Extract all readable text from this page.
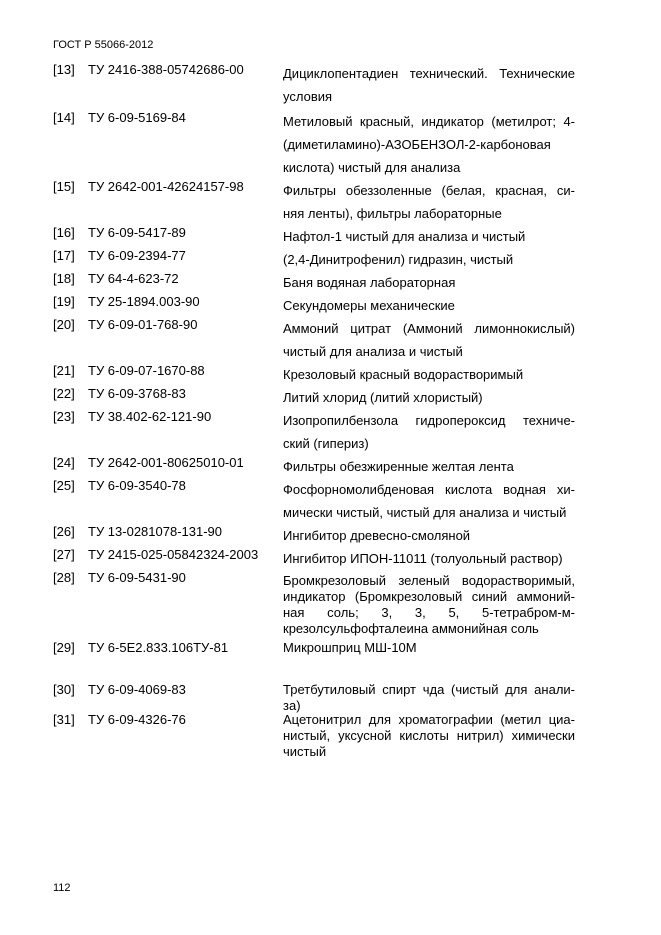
ГОСТ Р 55066-2012
[13] ТУ 2416-388-05742686-00	Дициклопентадиен технический. Технические
условия
[14] ТУ 6-09-5169-84	Метиловый красный, индикатор (метилрот; 4-
(диметиламино)-АЗОБЕНЗОЛ-2-карбоновая
кислота) чистый для анализа
[15] ТУ 2642-001-42624157-98	Фильтры обеззоленные (белая, красная, си-
няя ленты), фильтры лабораторные
[16] ТУ 6-09-5417-89	Нафтол-1 чистый для анализа и чистый
[17] ТУ 6-09-2394-77	(2,4-Динитрофенил) гидразин, чистый
[18] ТУ 64-4-623-72	Баня водяная лабораторная
[19] ТУ 25-1894.003-90	Секундомеры механические
[20] ТУ 6-09-01-768-90	Аммоний цитрат (Аммоний лимоннокислый)
чистый для анализа и чистый
[21] ТУ 6-09-07-1670-88	Крезоловый красный водорастворимый
[22] ТУ 6-09-3768-83	Литий хлорид (литий хлористый)
[23] ТУ 38.402-62-121-90	Изопропилбензола гидропероксид техниче-
ский (гипериз)
[24] ТУ 2642-001-80625010-01	Фильтры обезжиренные желтая лента
[25] ТУ 6-09-3540-78	Фосфорномолибденовая кислота водная хи-
мически чистый, чистый для анализа и чистый
[26] ТУ 13-0281078-131-90	Ингибитор древесно-смоляной
[27] ТУ 2415-025-05842324-2003 Ингибитор ИПОН-11011 (толуольный раствор)
[28] ТУ 6-09-5431-90	Бромкрезоловый зеленый водорастворимый,
индикатор (Бромкрезоловый синий аммоний-
ная соль; 3, 3, 5, 5-тетрабром-м-
крезолсульфофталеина аммонийная соль
[29] ТУ 6-5Е2.833.106ТУ-81	Микрошприц МШ-10М
[30] ТУ 6-09-4069-83	Третбутиловый спирт чда (чистый для анали-
за)
[31] ТУ 6-09-4326-76	Ацетонитрил для хроматографии (метил циа-
нистый, уксусной кислоты нитрил) химически
чистый
112
